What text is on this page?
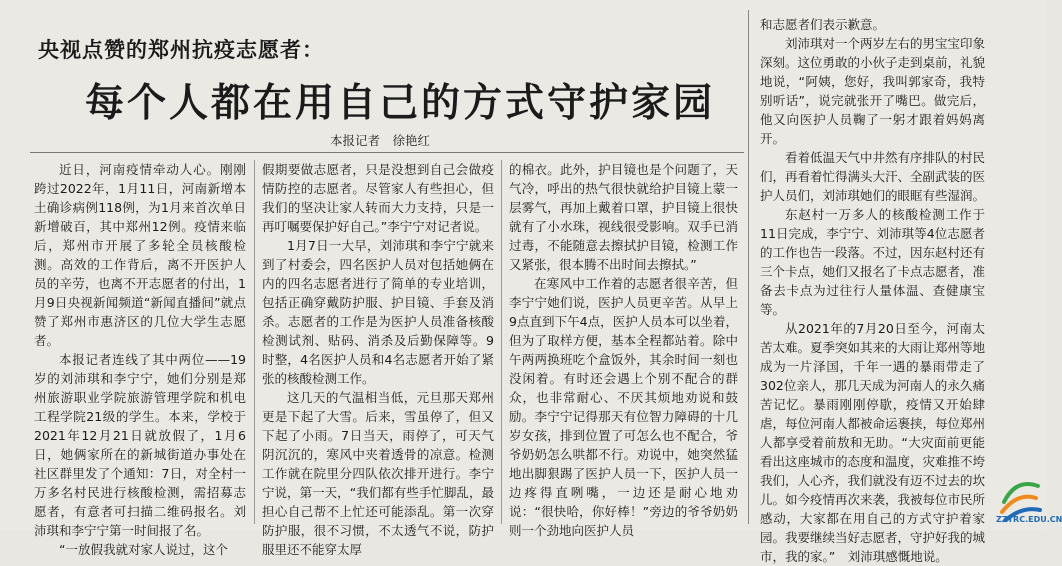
央视点赞的郑州抗疫志愿者：
每个人都在用自己的方式守护家园
本报记者　徐艳红

近日，河南疫情牵动人心。刚刚跨过2022年，1月11日，河南新增本土确诊病例118例，为1月来首次单日新增破百，其中郑州12例。疫情来临后，郑州市开展了多轮全员核酸检测。高效的工作背后，离不开医护人员的辛劳，也离不开志愿者的付出，1月9日央视新闻频道“新闻直播间”就点赞了郑州市惠济区的几位大学生志愿者。

本报记者连线了其中两位——19岁的刘沛琪和李宁宁，她们分别是郑州旅游职业学院旅游管理学院和机电工程学院21级的学生。本来，学校于2021年12月21日就放假了，1月6日，她俩家所在的新城街道办事处在社区群里发了个通知：7日，对全村一万多名村民进行核酸检测，需招募志愿者，有意者可扫描二维码报名。刘沛琪和李宁宁第一时间报了名。

“一放假我就对家人说过，这个

假期要做志愿者，只是没想到自己会做疫情防控的志愿者。尽管家人有些担心，但我们的坚决让家人转而大力支持，只是一再叮嘱要保护好自己。”李宁宁对记者说。

1月7日一大早，刘沛琪和李宁宁就来到了村委会，四名医护人员对包括她俩在内的四名志愿者进行了简单的专业培训，包括正确穿戴防护服、护目镜、手套及消杀。志愿者的工作是为医护人员准备核酸检测试剂、贴码、消杀及后勤保障等。9时整，4名医护人员和4名志愿者开始了紧张的核酸检测工作。

这几天的气温相当低，元旦那天郑州更是下起了大雪。后来，雪虽停了，但又下起了小雨。7日当天，雨停了，可天气阴沉沉的，寒风中夹着透骨的凉意。检测工作就在院里分四队依次排开进行。李宁宁说，第一天，“我们都有些手忙脚乱，最担心自己帮不上忙还可能添乱。第一次穿防护服，很不习惯，不太透气不说，防护服里还不能穿太厚

的棉衣。此外，护目镜也是个问题了，天气冷，呼出的热气很快就给护目镜上蒙一层雾气，再加上戴着口罩，护目镜上很快就有了小水珠，视线很受影响。双手已消过毒，不能随意去擦拭护目镜，检测工作又紧张，很本腾不出时间去擦拭。”

在寒风中工作着的志愿者很辛苦，但李宁宁她们说，医护人员更辛苦。从早上9点直到下午4点，医护人员本可以坐着，但为了取样方便，基本全程都站着。除中午两两换班吃个盒饭外，其余时间一刻也没闲着。有时还会遇上个别不配合的群众，也非常耐心、不厌其烦地劝说和鼓励。李宁宁记得那天有位智力障碍的十几岁女孩，排到位置了可怎么也不配合，爷爷奶奶怎么哄都不行。劝说中，她突然猛地出脚狠踢了医护人员一下，医护人员一边疼得直咧嘴，一边还是耐心地劝说：“很快哈，你好棒！”旁边的爷爷奶奶则一个劲地向医护人员

和志愿者们表示歉意。

刘沛琪对一个两岁左右的男宝宝印象深刻。这位勇敢的小伙子走到桌前，礼貌地说，“阿姨，您好，我叫郭家奇，我特别听话”，说完就张开了嘴巴。做完后，他又向医护人员鞠了一躬才跟着妈妈离开。

看着低温天气中井然有序排队的村民们，再看着忙得满头大汗、全副武装的医护人员们，刘沛琪她们的眼眶有些湿润。

东赵村一万多人的核酸检测工作于11日完成，李宁宁、刘沛琪等4位志愿者的工作也告一段落。不过，因东赵村还有三个卡点，她们又报名了卡点志愿者，准备去卡点为过往行人量体温、查健康宝等。

从2021年的7月20日至今，河南太苦太难。夏季突如其来的大雨让郑州等地成为一片泽国，千年一遇的暴雨带走了302位亲人，那几天成为河南人的永久痛苦记忆。暴雨刚刚停歇，疫情又开始肆虐，每位河南人都被命运裹挟，每位郑州人都享受着前敖和无助。“大灾面前更能看出这座城市的态度和温度，灾难推不垮我们，人心齐，我们就没有迈不过去的坎儿。如今疫情再次来袭，我被每位市民所感动，大家都在用自己的方式守护着家园。我要继续当好志愿者，守护好我的城市，我的家。”　刘沛琪感慨地说。

ZZTRC.EDU.CN
